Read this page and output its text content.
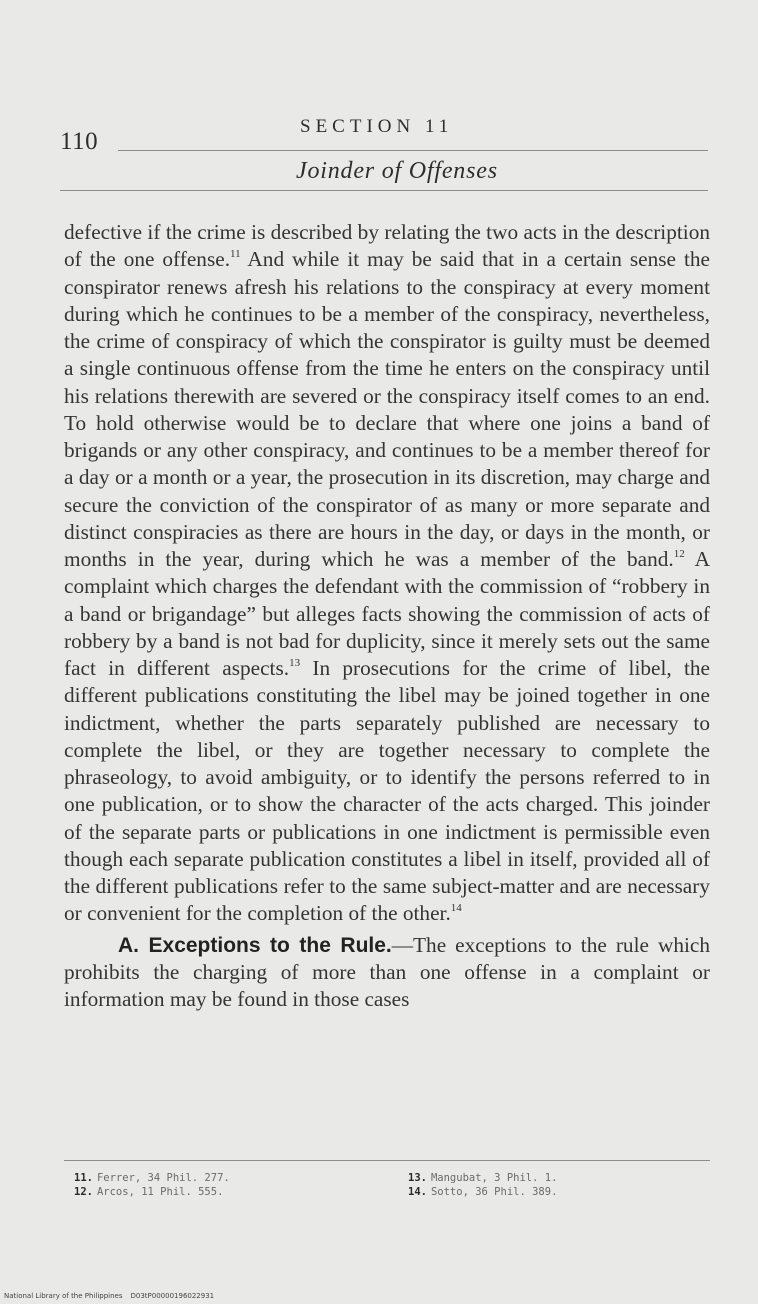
110
SECTION 11
Joinder of Offenses

defective if the crime is described by relating the two acts in the description of the one offense.$^{11}$ And while it may be said that in a certain sense the conspirator renews afresh his relations to the conspiracy at every moment during which he continues to be a member of the conspiracy, nevertheless, the crime of conspiracy of which the conspirator is guilty must be deemed a single continuous offense from the time he enters on the conspiracy until his relations therewith are severed or the conspiracy itself comes to an end. To hold otherwise would be to declare that where one joins a band of brigands or any other conspiracy, and continues to be a member thereof for a day or a month or a year, the prosecution in its discretion, may charge and secure the conviction of the conspirator of as many or more separate and distinct conspiracies as there are hours in the day, or days in the month, or months in the year, during which he was a member of the band.$^{12}$ A complaint which charges the defendant with the commission of “robbery in a band or brigandage” but alleges facts showing the commission of acts of robbery by a band is not bad for duplicity, since it merely sets out the same fact in different aspects.$^{13}$ In prosecutions for the crime of libel, the different publications constituting the libel may be joined together in one indictment, whether the parts separately published are necessary to complete the libel, or they are together necessary to complete the phraseology, to avoid ambiguity, or to identify the persons referred to in one publication, or to show the character of the acts charged. This joinder of the separate parts or publications in one indictment is permissible even though each separate publication constitutes a libel in itself, provided all of the different publications refer to the same subject-matter and are necessary or convenient for the completion of the other.$^{14}$

A. Exceptions to the Rule.—The exceptions to the rule which prohibits the charging of more than one offense in a complaint or information may be found in those cases

11. Ferrer, 34 Phil. 277.
12. Arcos, 11 Phil. 555.
13. Mangubat, 3 Phil. 1.
14. Sotto, 36 Phil. 389.
National Library of the Philippines D03tP00000196022931
